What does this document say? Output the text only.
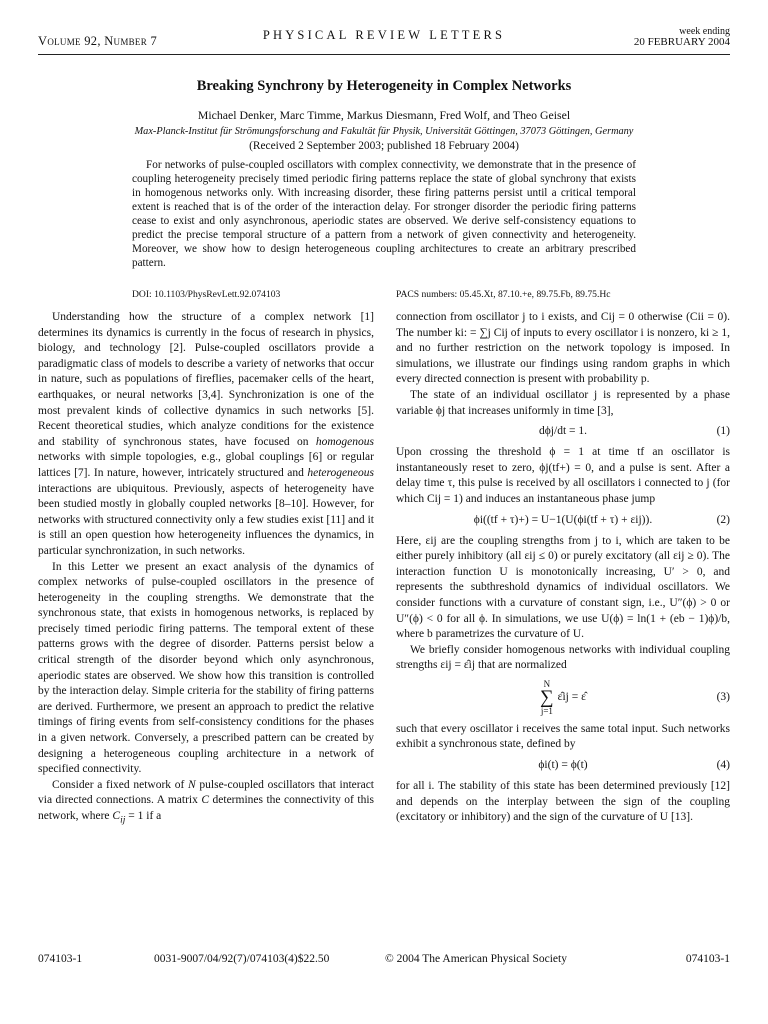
Volume 92, Number 7	PHYSICAL REVIEW LETTERS	week ending
20 FEBRUARY 2004
Breaking Synchrony by Heterogeneity in Complex Networks
Michael Denker, Marc Timme, Markus Diesmann, Fred Wolf, and Theo Geisel
Max-Planck-Institut für Strömungsforschung and Fakultät für Physik, Universität Göttingen, 37073 Göttingen, Germany
(Received 2 September 2003; published 18 February 2004)

For networks of pulse-coupled oscillators with complex connectivity, we demonstrate that in the presence of coupling heterogeneity precisely timed periodic firing patterns replace the state of global synchrony that exists in homogenous networks only. With increasing disorder, these firing patterns persist until a critical temporal extent is reached that is of the order of the interaction delay. For stronger disorder the periodic firing patterns cease to exist and only asynchronous, aperiodic states are observed. We derive self-consistency equations to predict the precise temporal structure of a pattern from a network of given connectivity and heterogeneity. Moreover, we show how to design heterogeneous coupling architectures to create an arbitrary prescribed pattern.

DOI: 10.1103/PhysRevLett.92.074103	PACS numbers: 05.45.Xt, 87.10.+e, 89.75.Fb, 89.75.Hc

Understanding how the structure of a complex network [1] determines its dynamics is currently in the focus of research in physics, biology, and technology [2]. Pulse-coupled oscillators provide a paradigmatic class of models to describe a variety of networks that occur in nature, such as populations of fireflies, pacemaker cells of the heart, earthquakes, or neural networks [3,4]. Synchronization is one of the most prevalent kinds of collective dynamics in such networks [5]. Recent theoretical studies, which analyze conditions for the existence and stability of synchronous states, have focused on homogenous networks with simple topologies, e.g., global couplings [6] or regular lattices [7]. In nature, however, intricately structured and heterogeneous interactions are ubiquitous. Previously, aspects of heterogeneity have been studied mostly in globally coupled networks [8–10]. However, for networks with structured connectivity only a few studies exist [11] and it is still an open question how heterogeneity influences the dynamics, in particular synchronization, in such networks.

In this Letter we present an exact analysis of the dynamics of complex networks of pulse-coupled oscillators in the presence of heterogeneity in the coupling strengths. We demonstrate that the synchronous state, that exists in homogenous networks, is replaced by precisely timed periodic firing patterns. The temporal extent of these patterns grows with the degree of disorder. Patterns persist below a critical strength of the disorder beyond which only asynchronous, aperiodic states are observed. We show how this transition is controlled by the interaction delay. Simple criteria for the stability of firing patterns are derived. Furthermore, we present an approach to predict the relative timings of firing events from self-consistency conditions for the phases in a given network. Conversely, a prescribed pattern can be created by designing a heterogeneous coupling architecture in a network of specified connectivity.

Consider a fixed network of N pulse-coupled oscillators that interact via directed connections. A matrix C determines the connectivity of this network, where $C_{ij} = 1$ if a

connection from oscillator j to i exists, and Cij = 0 otherwise (Cii = 0). The number ki: = ∑j Cij of inputs to every oscillator i is nonzero, ki ≥ 1, and no further restriction on the network topology is imposed. In simulations, we illustrate our findings using random graphs in which every directed connection is present with probability p.

The state of an individual oscillator j is represented by a phase variable ϕj that increases uniformly in time [3],

dϕj/dt = 1.	(1)

Upon crossing the threshold ϕ = 1 at time tf an oscillator is instantaneously reset to zero, ϕj(tf+) = 0, and a pulse is sent. After a delay time τ, this pulse is received by all oscillators i connected to j (for which Cij = 1) and induces an instantaneous phase jump

ϕi((tf + τ)+) = U−1(U(ϕi(tf + τ) + εij)).	(2)

Here, εij are the coupling strengths from j to i, which are taken to be either purely inhibitory (all εij ≤ 0) or purely excitatory (all εij ≥ 0). The interaction function U is monotonically increasing, U′ > 0, and represents the subthreshold dynamics of individual oscillators. We consider functions with a curvature of constant sign, i.e., U″(ϕ) > 0 or U″(ϕ) < 0 for all ϕ. In simulations, we use U(ϕ) = ln(1 + (eb − 1)ϕ)/b, where b parametrizes the curvature of U.

We briefly consider homogenous networks with individual coupling strengths εij = ε̂ij that are normalized

N
∑
j=1
ε̂ij = ε̂	(3)

such that every oscillator i receives the same total input. Such networks exhibit a synchronous state, defined by

ϕi(t) = ϕ(t)	(4)

for all i. The stability of this state has been determined previously [12] and depends on the interplay between the sign of the coupling (excitatory or inhibitory) and the sign of the curvature of U [13].

074103-1	0031-9007/04/92(7)/074103(4)$22.50	© 2004 The American Physical Society	074103-1
